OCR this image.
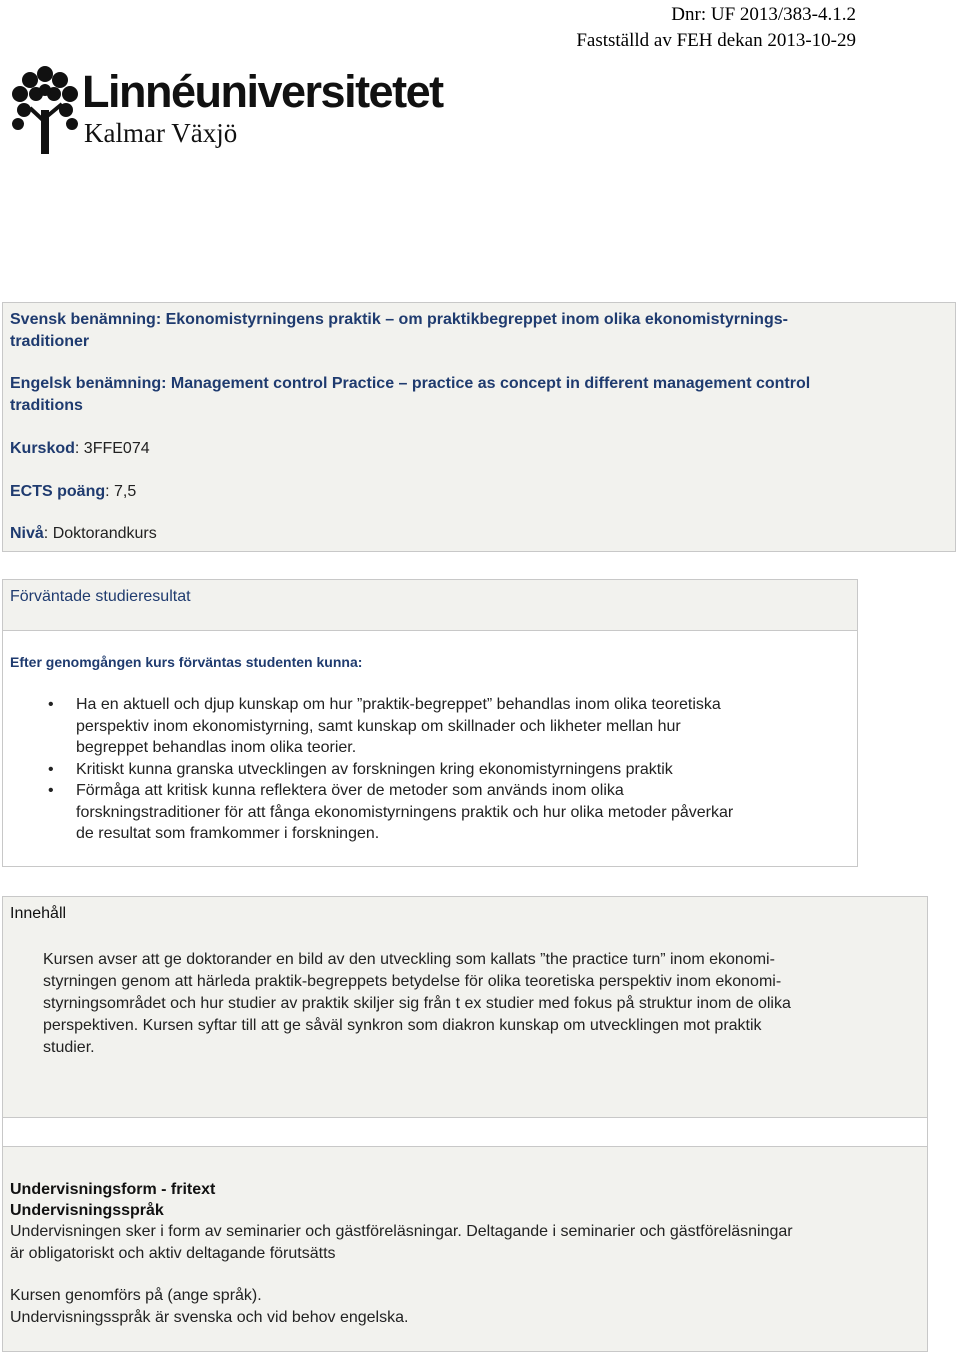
Dnr: UF 2013/383-4.1.2
Fastställd av FEH dekan 2013-10-29
Linnéuniversitetet
Kalmar Växjö

Svensk benämning: Ekonomistyrningens praktik – om praktikbegreppet inom olika ekonomistyrnings-

traditioner

Engelsk benämning: Management control Practice – practice as concept in different management control

traditions

Kurskod: 3FFE074

ECTS poäng: 7,5

Nivå: Doktorandkurs

Förväntade studieresultat

Efter genomgången kurs förväntas studenten kunna:

• Ha en aktuell och djup kunskap om hur ”praktik-begreppet” behandlas inom olika teoretiska
perspektiv inom ekonomistyrning, samt kunskap om skillnader och likheter mellan hur
begreppet behandlas inom olika teorier.
• Kritiskt kunna granska utvecklingen av forskningen kring ekonomistyrningens praktik
• Förmåga att kritisk kunna reflektera över de metoder som används inom olika
forskningstraditioner för att fånga ekonomistyrningens praktik och hur olika metoder påverkar
de resultat som framkommer i forskningen.

Innehåll

Kursen avser att ge doktorander en bild av den utveckling som kallats ”the practice turn” inom ekonomi-
styrningen genom att härleda praktik-begreppets betydelse för olika teoretiska perspektiv inom ekonomi-
styrningsområdet och hur studier av praktik skiljer sig från t ex studier med fokus på struktur inom de olika
perspektiven. Kursen syftar till att ge såväl synkron som diakron kunskap om utvecklingen mot praktik
studier.

Undervisningsform - fritext

Undervisningsspråk

Undervisningen sker i form av seminarier och gästföreläsningar. Deltagande i seminarier och gästföreläsningar
är obligatoriskt och aktiv deltagande förutsätts
Kursen genomförs på (ange språk).
Undervisningsspråk är svenska och vid behov engelska.
